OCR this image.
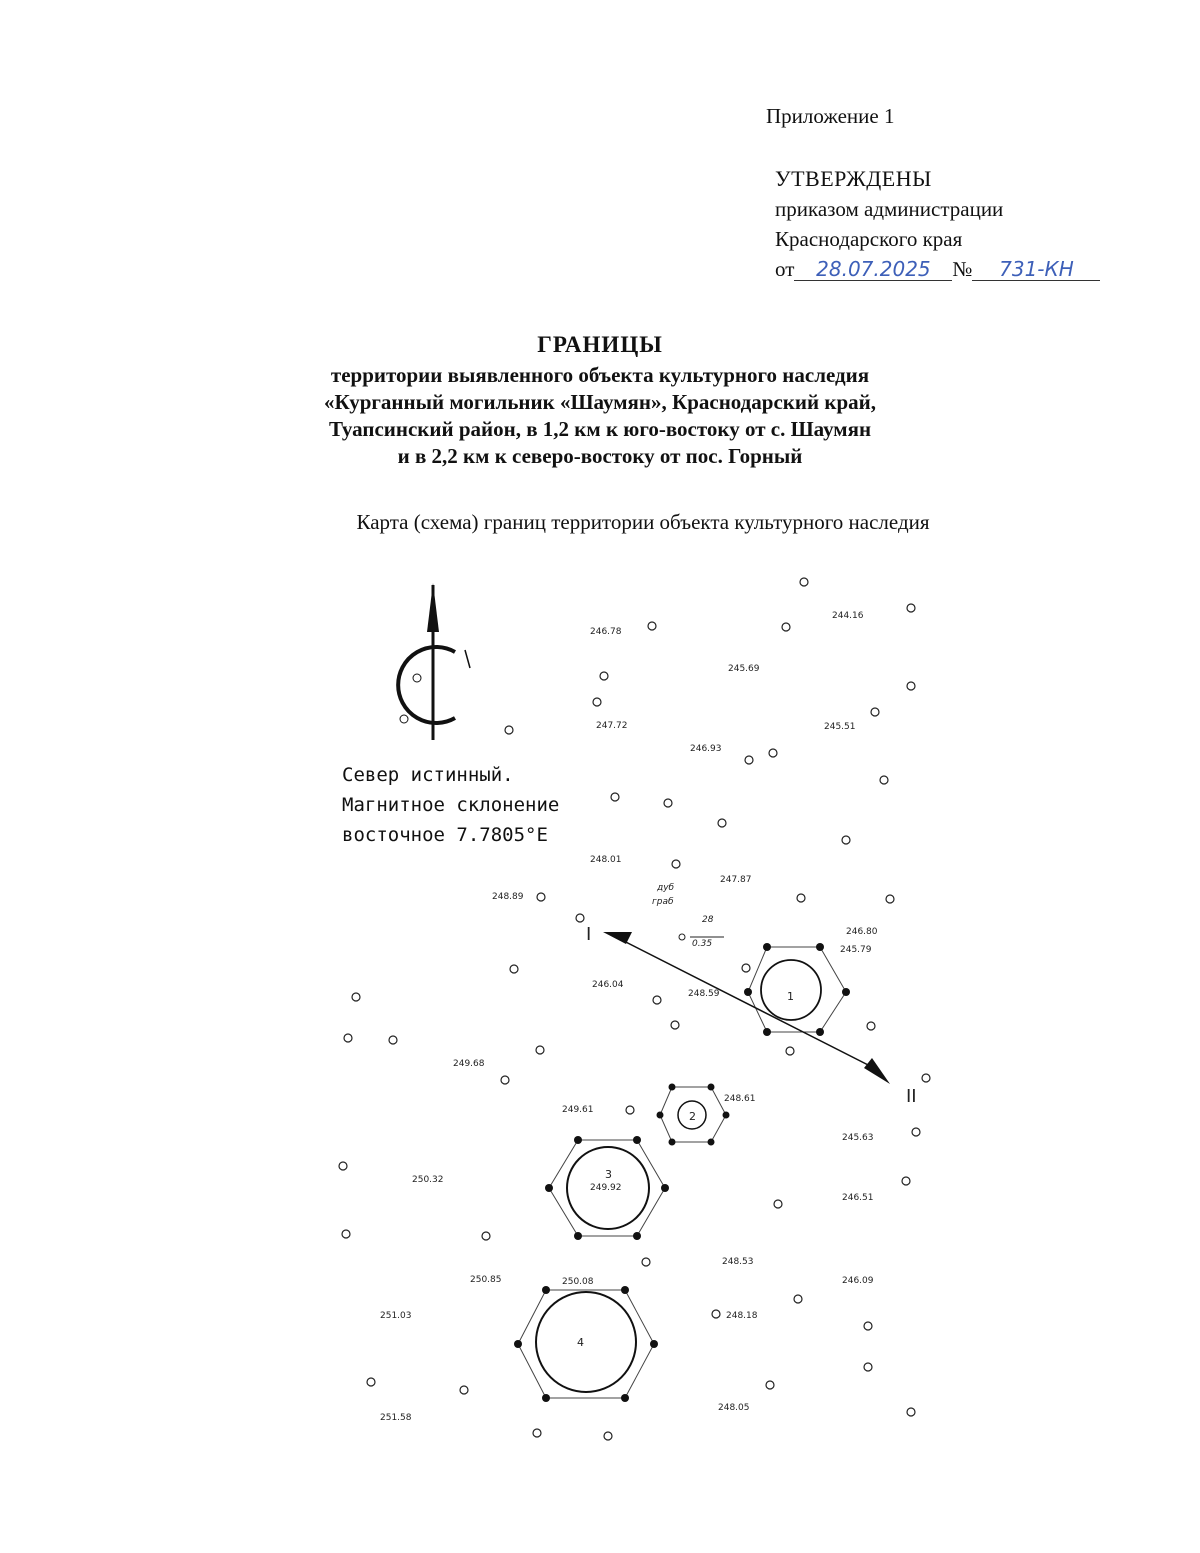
Приложение 1
УТВЕРЖДЕНЫ
приказом администрации
Краснодарского края
от 28.07.2025 № 731-КН
ГРАНИЦЫ
территории выявленного объекта культурного наследия
«Курганный могильник «Шаумян», Краснодарский край,
Туапсинский район, в 1,2 км к юго-востоку от с. Шаумян
и в 2,2 км к северо-востоку от пос. Горный
Карта (схема) границ территории объекта культурного наследия
Север истинный.
Магнитное склонение
восточное 7.7805°E
246.78
244.16
245.69
247.72	245.51
246.93
248.01
247.87
248.89
246.80
245.79
246.04
248.59
249.68
248.61
249.61
245.63
250.32
249.92
246.51
248.53
250.85	250.08	246.09
251.03	248.18
248.05
251.58
дуб
граб
28
0.35
1
I
II
2
3
4
